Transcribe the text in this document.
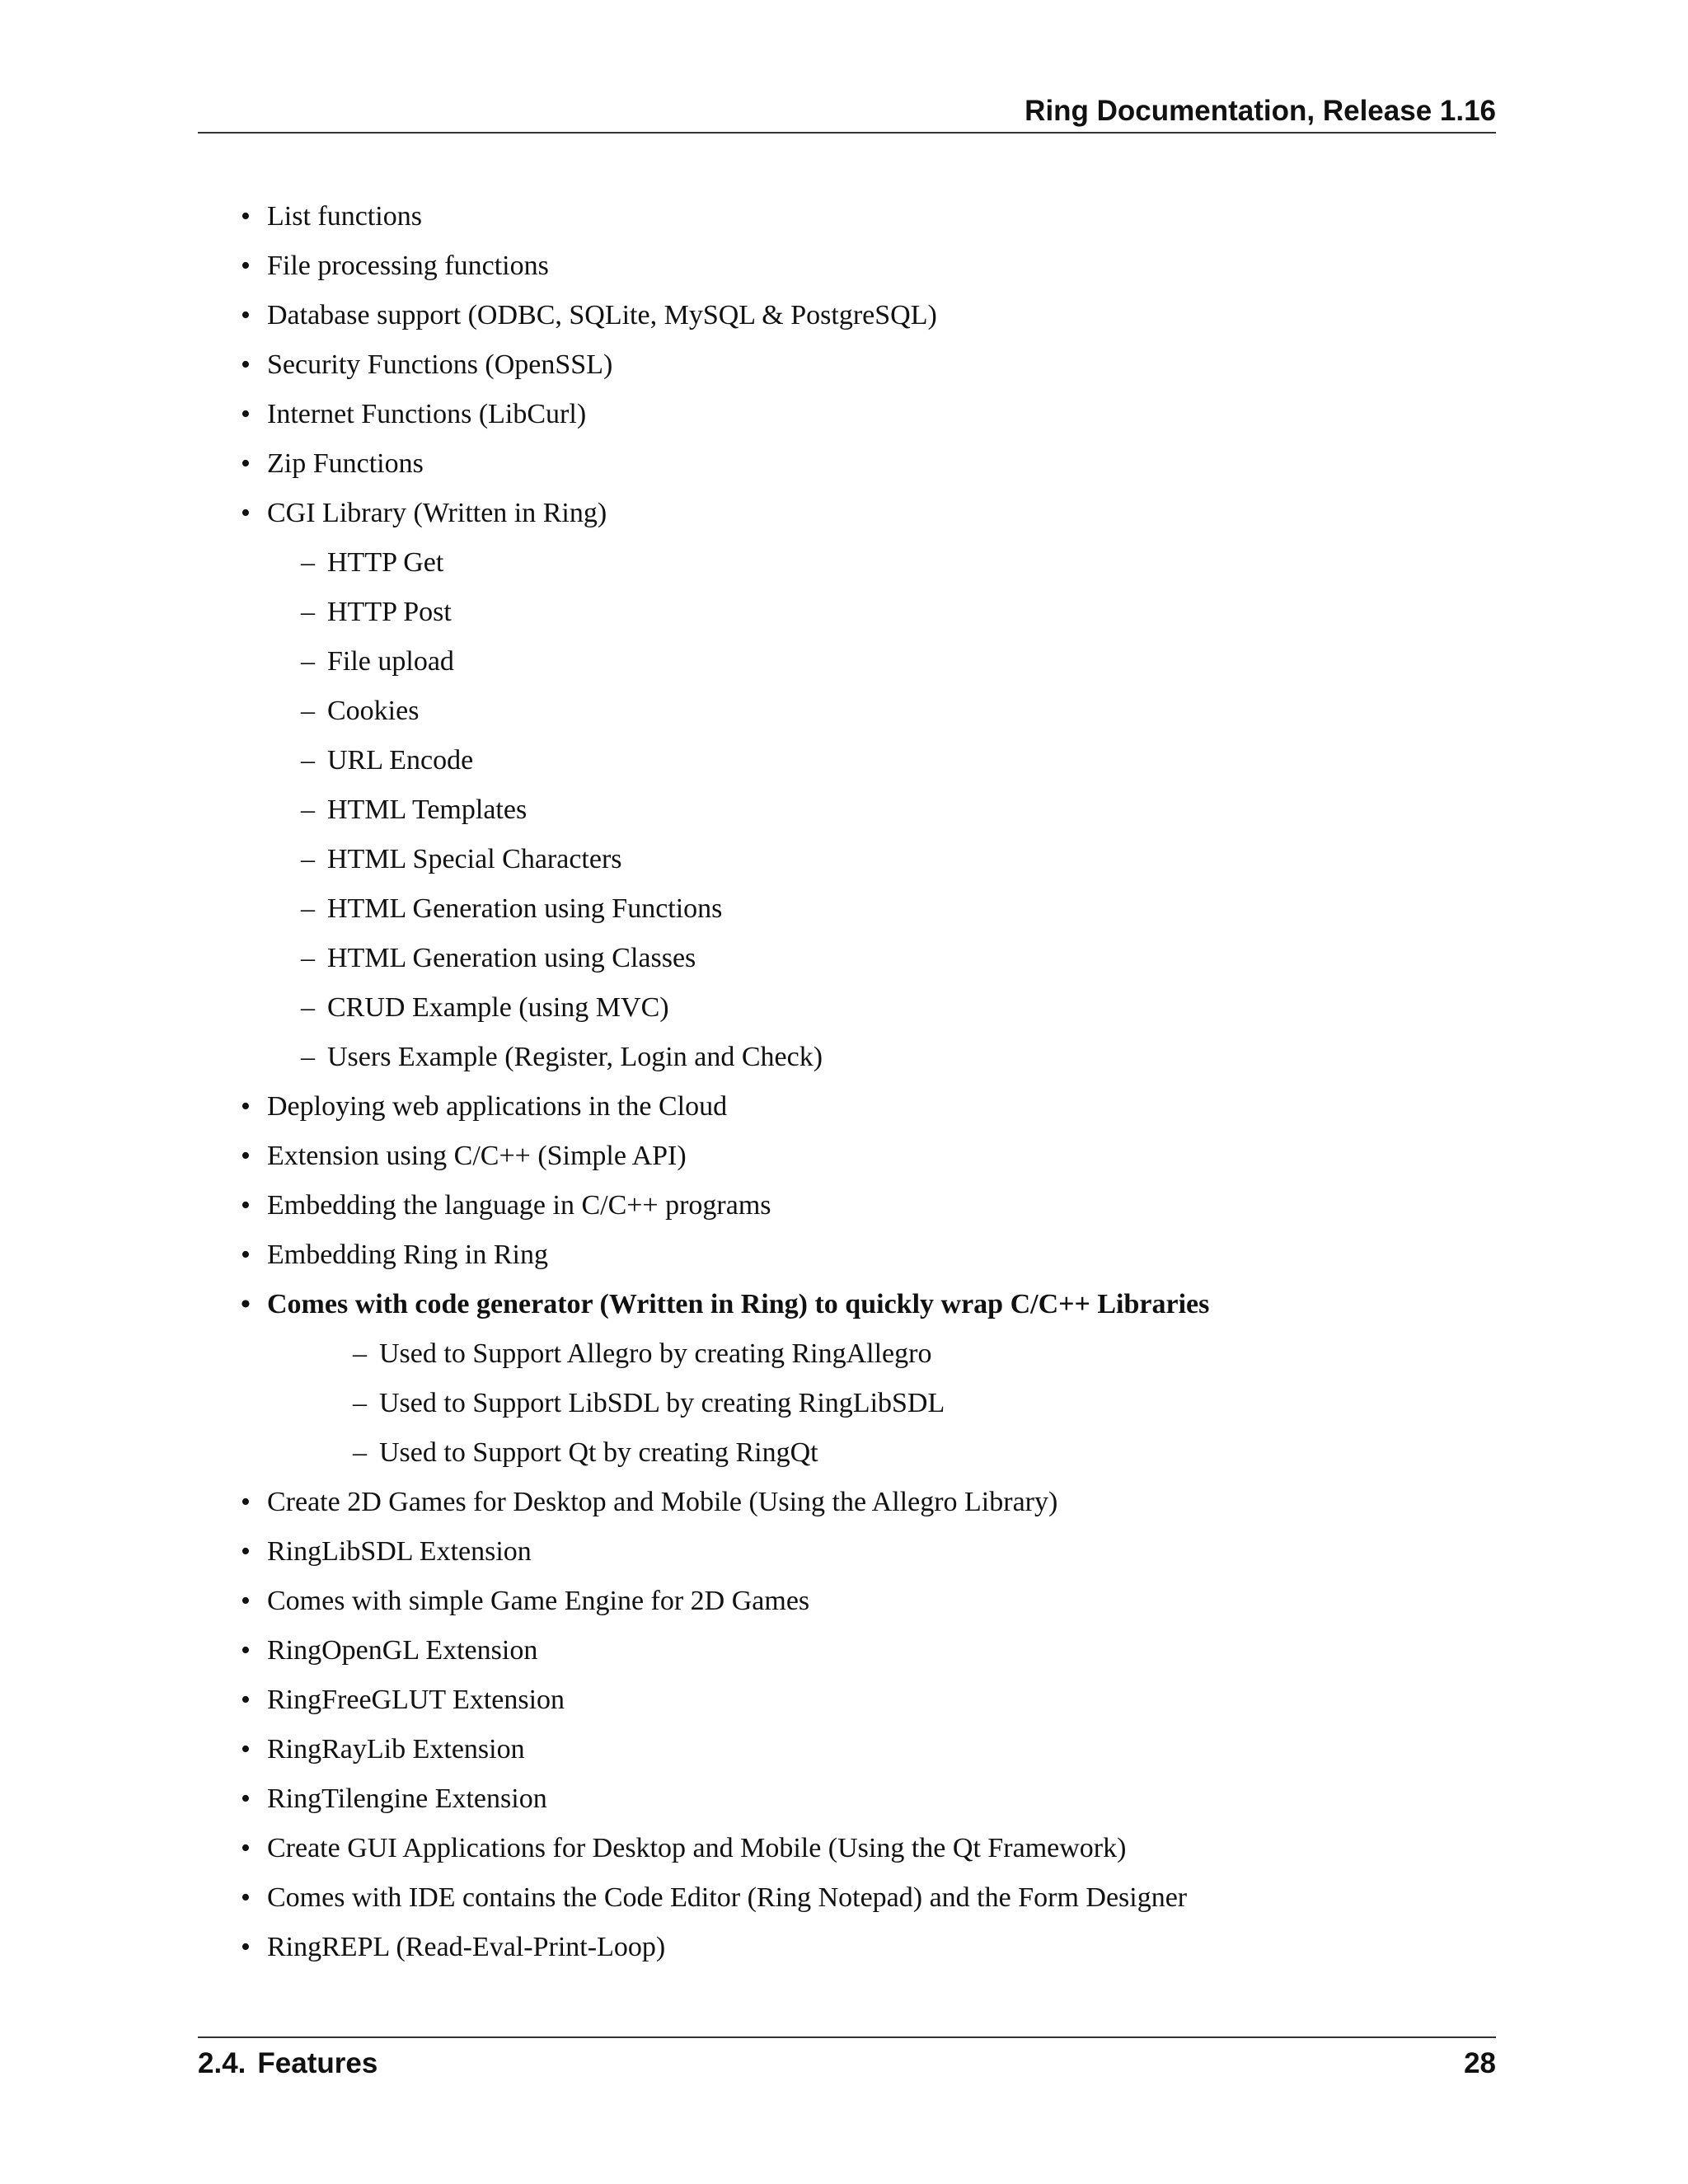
Ring Documentation, Release 1.16
• List functions
• File processing functions
• Database support (ODBC, SQLite, MySQL & PostgreSQL)
• Security Functions (OpenSSL)
• Internet Functions (LibCurl)
• Zip Functions
• CGI Library (Written in Ring)
– HTTP Get
– HTTP Post
– File upload
– Cookies
– URL Encode
– HTML Templates
– HTML Special Characters
– HTML Generation using Functions
– HTML Generation using Classes
– CRUD Example (using MVC)
– Users Example (Register, Login and Check)
• Deploying web applications in the Cloud
• Extension using C/C++ (Simple API)
• Embedding the language in C/C++ programs
• Embedding Ring in Ring
• Comes with code generator (Written in Ring) to quickly wrap C/C++ Libraries
– Used to Support Allegro by creating RingAllegro
– Used to Support LibSDL by creating RingLibSDL
– Used to Support Qt by creating RingQt
• Create 2D Games for Desktop and Mobile (Using the Allegro Library)
• RingLibSDL Extension
• Comes with simple Game Engine for 2D Games
• RingOpenGL Extension
• RingFreeGLUT Extension
• RingRayLib Extension
• RingTilengine Extension
• Create GUI Applications for Desktop and Mobile (Using the Qt Framework)
• Comes with IDE contains the Code Editor (Ring Notepad) and the Form Designer
• RingREPL (Read-Eval-Print-Loop)
2.4. Features	28
